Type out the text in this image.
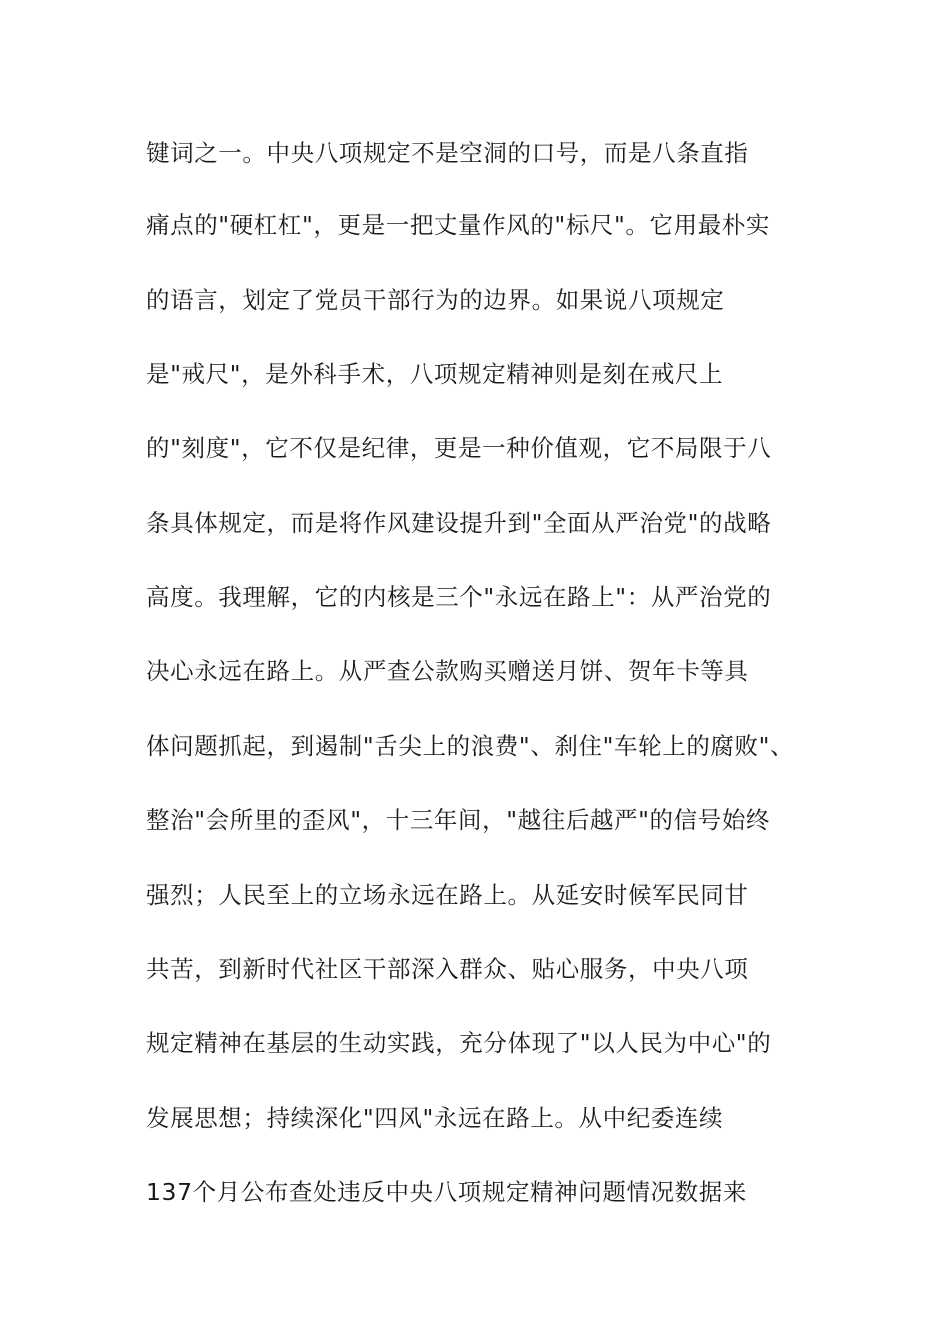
键词之一。中央八项规定不是空洞的口号，而是八条直指
痛点的"硬杠杠"，更是一把丈量作风的"标尺"。它用最朴实
的语言，划定了党员干部行为的边界。如果说八项规定
是"戒尺"，是外科手术，八项规定精神则是刻在戒尺上
的"刻度"，它不仅是纪律，更是一种价值观，它不局限于八
条具体规定，而是将作风建设提升到"全面从严治党"的战略
高度。我理解，它的内核是三个"永远在路上"：从严治党的
决心永远在路上。从严查公款购买赠送月饼、贺年卡等具
体问题抓起，到遏制"舌尖上的浪费"、刹住"车轮上的腐败"、
整治"会所里的歪风"，十三年间，"越往后越严"的信号始终
强烈；人民至上的立场永远在路上。从延安时候军民同甘
共苦，到新时代社区干部深入群众、贴心服务，中央八项
规定精神在基层的生动实践，充分体现了"以人民为中心"的
发展思想；持续深化"四风"永远在路上。从中纪委连续
137个月公布查处违反中央八项规定精神问题情况数据来
